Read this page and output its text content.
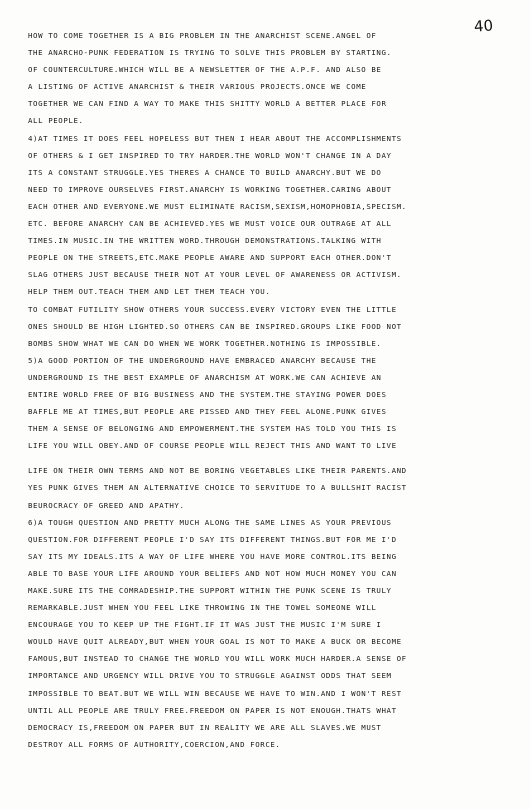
40
HOW TO COME TOGETHER IS A BIG PROBLEM IN THE ANARCHIST SCENE.ANGEL OF
THE ANARCHO-PUNK FEDERATION IS TRYING TO SOLVE THIS PROBLEM BY STARTING.
OF COUNTERCULTURE.WHICH WILL BE A NEWSLETTER OF THE A.P.F. AND ALSO BE
A LISTING OF ACTIVE ANARCHIST & THEIR VARIOUS PROJECTS.ONCE WE COME
TOGETHER WE CAN FIND A WAY TO MAKE THIS SHITTY WORLD A BETTER PLACE FOR
ALL PEOPLE.
4)AT TIMES IT DOES FEEL HOPELESS BUT THEN I HEAR ABOUT THE ACCOMPLISHMENTS
OF OTHERS & I GET INSPIRED TO TRY HARDER.THE WORLD WON'T CHANGE IN A DAY
ITS A CONSTANT STRUGGLE.YES THERES A CHANCE TO BUILD ANARCHY.BUT WE DO
NEED TO IMPROVE OURSELVES FIRST.ANARCHY IS WORKING TOGETHER.CARING ABOUT
EACH OTHER AND EVERYONE.WE MUST ELIMINATE RACISM,SEXISM,HOMOPHOBIA,SPECISM.
ETC. BEFORE ANARCHY CAN BE ACHIEVED.YES WE MUST VOICE OUR OUTRAGE AT ALL
TIMES.IN MUSIC.IN THE WRITTEN WORD.THROUGH DEMONSTRATIONS.TALKING WITH
PEOPLE ON THE STREETS,ETC.MAKE PEOPLE AWARE AND SUPPORT EACH OTHER.DON'T
SLAG OTHERS JUST BECAUSE THEIR NOT AT YOUR LEVEL OF AWARENESS OR ACTIVISM.
HELP THEM OUT.TEACH THEM AND LET THEM TEACH YOU.
TO COMBAT FUTILITY SHOW OTHERS YOUR SUCCESS.EVERY VICTORY EVEN THE LITTLE
ONES SHOULD BE HIGH LIGHTED.SO OTHERS CAN BE INSPIRED.GROUPS LIKE FOOD NOT
BOMBS SHOW WHAT WE CAN DO WHEN WE WORK TOGETHER.NOTHING IS IMPOSSIBLE.
5)A GOOD PORTION OF THE UNDERGROUND HAVE EMBRACED ANARCHY BECAUSE THE
UNDERGROUND IS THE BEST EXAMPLE OF ANARCHISM AT WORK.WE CAN ACHIEVE AN
ENTIRE WORLD FREE OF BIG BUSINESS AND THE SYSTEM.THE STAYING POWER DOES
BAFFLE ME AT TIMES,BUT PEOPLE ARE PISSED AND THEY FEEL ALONE.PUNK GIVES
THEM A SENSE OF BELONGING AND EMPOWERMENT.THE SYSTEM HAS TOLD YOU THIS IS
LIFE YOU WILL OBEY.AND OF COURSE PEOPLE WILL REJECT THIS AND WANT TO LIVE
LIFE ON THEIR OWN TERMS AND NOT BE BORING VEGETABLES LIKE THEIR PARENTS.AND
YES PUNK GIVES THEM AN ALTERNATIVE CHOICE TO SERVITUDE TO A BULLSHIT RACIST
BEUROCRACY OF GREED AND APATHY.
6)A TOUGH QUESTION AND PRETTY MUCH ALONG THE SAME LINES AS YOUR PREVIOUS
QUESTION.FOR DIFFERENT PEOPLE I'D SAY ITS DIFFERENT THINGS.BUT FOR ME I'D
SAY ITS MY IDEALS.ITS A WAY OF LIFE WHERE YOU HAVE MORE CONTROL.ITS BEING
ABLE TO BASE YOUR LIFE AROUND YOUR BELIEFS AND NOT HOW MUCH MONEY YOU CAN
MAKE.SURE ITS THE COMRADESHIP.THE SUPPORT WITHIN THE PUNK SCENE IS TRULY
REMARKABLE.JUST WHEN YOU FEEL LIKE THROWING IN THE TOWEL SOMEONE WILL
ENCOURAGE YOU TO KEEP UP THE FIGHT.IF IT WAS JUST THE MUSIC I'M SURE I
WOULD HAVE QUIT ALREADY,BUT WHEN YOUR GOAL IS NOT TO MAKE A BUCK OR BECOME
FAMOUS,BUT INSTEAD TO CHANGE THE WORLD YOU WILL WORK MUCH HARDER.A SENSE OF
IMPORTANCE AND URGENCY WILL DRIVE YOU TO STRUGGLE AGAINST ODDS THAT SEEM
IMPOSSIBLE TO BEAT.BUT WE WILL WIN BECAUSE WE HAVE TO WIN.AND I WON'T REST
UNTIL ALL PEOPLE ARE TRULY FREE.FREEDOM ON PAPER IS NOT ENOUGH.THATS WHAT
DEMOCRACY IS,FREEDOM ON PAPER BUT IN REALITY WE ARE ALL SLAVES.WE MUST
DESTROY ALL FORMS OF AUTHORITY,COERCION,AND FORCE.
